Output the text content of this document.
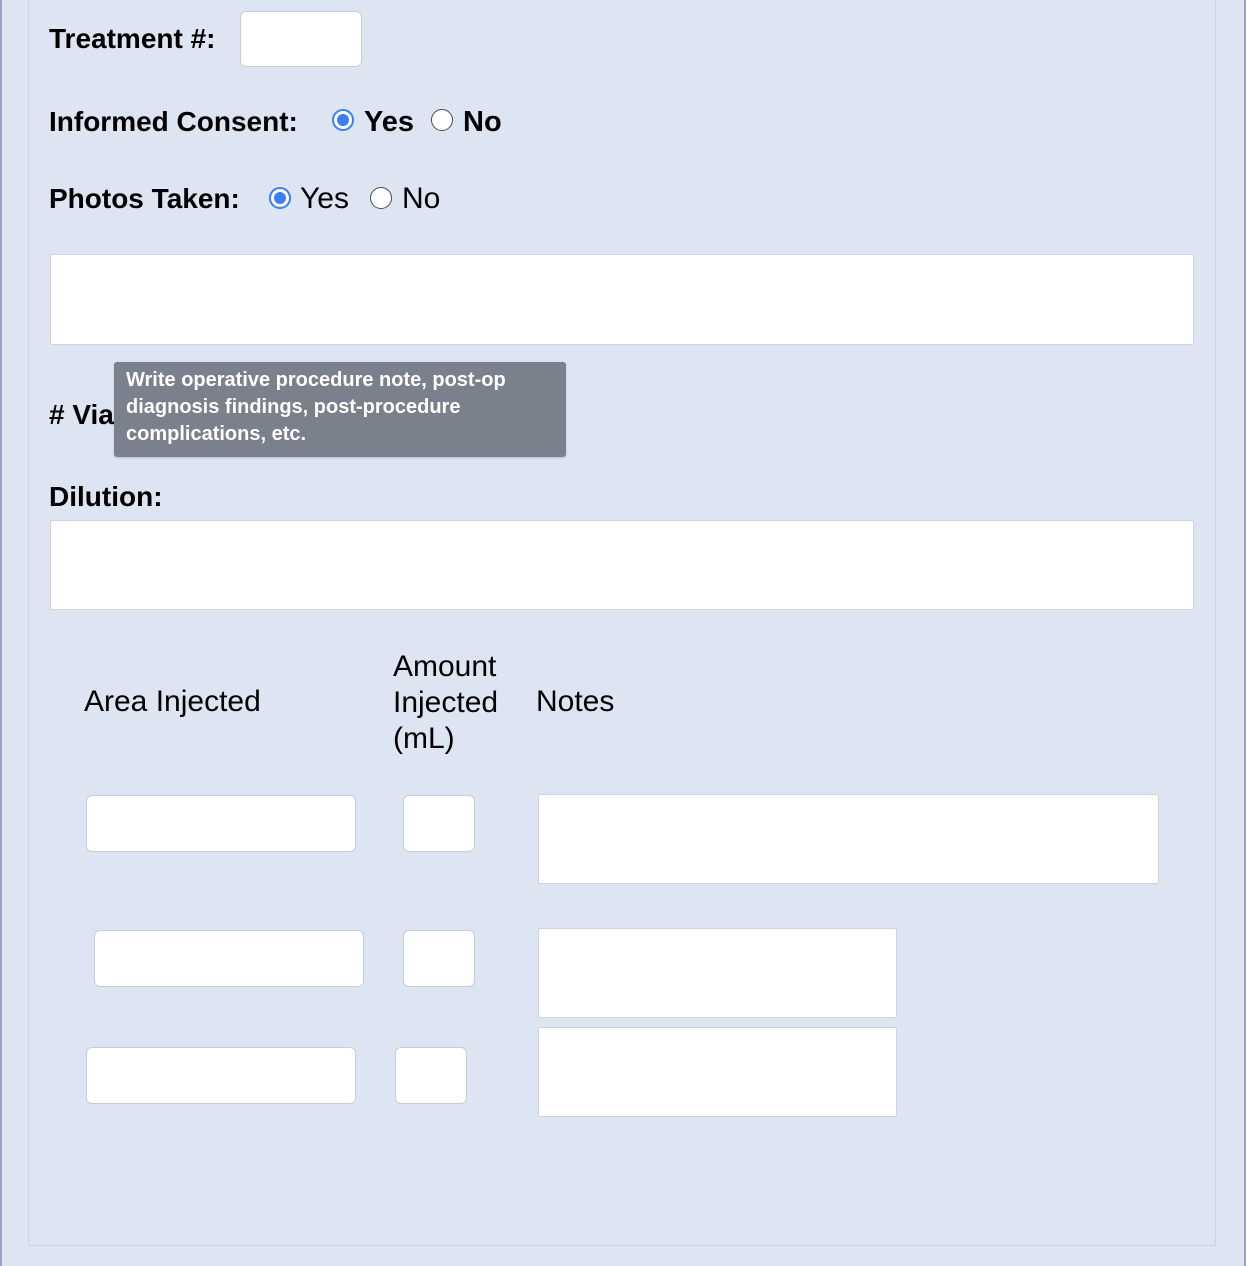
Treatment #:
Informed Consent: Yes No
Photos Taken: Yes No
# Via
Write operative procedure note, post-op diagnosis findings, post-procedure complications, etc.
Dilution:
Area Injected
Amount Injected (mL)
Notes
